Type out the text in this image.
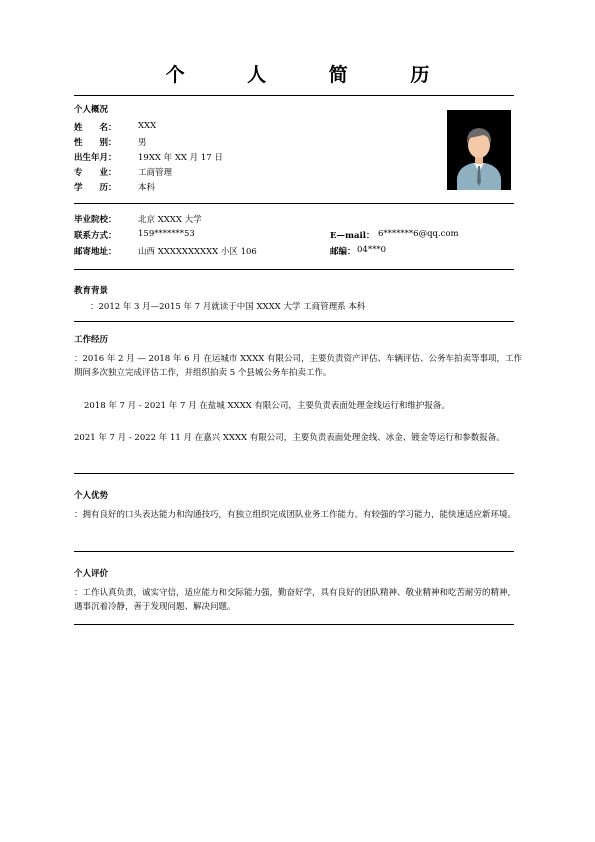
个 人 简 历
个人概况
姓　　名：	XXX
性　　别：	男
出生年月：	19XX 年 XX 月 17 日
专　　业：	工商管理
学　　历：	本科
毕业院校：	北京 XXXX 大学
联系方式：	159*******53	E—mail： 6*******6@qq.com
邮寄地址：	山西 XXXXXXXXXX 小区 106	邮编： 04***0
教育背景
：2012 年 3 月—2015 年 7 月就读于中国 XXXX 大学 工商管理系 本科
工作经历
：2016 年 2 月 — 2018 年 6 月 在运城市 XXXX 有限公司，主要负责资产评估、车辆评估、公务车拍卖等事项，工作期间多次独立完成评估工作，并组织拍卖 5 个县城公务车拍卖工作。
2018 年 7 月 - 2021 年 7 月 在盐城 XXXX 有限公司，主要负责表面处理金线运行和维护报备。
2021 年 7 月 - 2022 年 11 月 在嘉兴 XXXX 有限公司，主要负责表面处理金线、冰金、镀金等运行和参数报备。
个人优势
：拥有良好的口头表达能力和沟通技巧，有独立组织完成团队业务工作能力。有较强的学习能力，能快速适应新环境。
个人评价
：工作认真负责，诚实守信，适应能力和交际能力强，勤奋好学，具有良好的团队精神、敬业精神和吃苦耐劳的精神，遇事沉着冷静，善于发现问题、解决问题。
